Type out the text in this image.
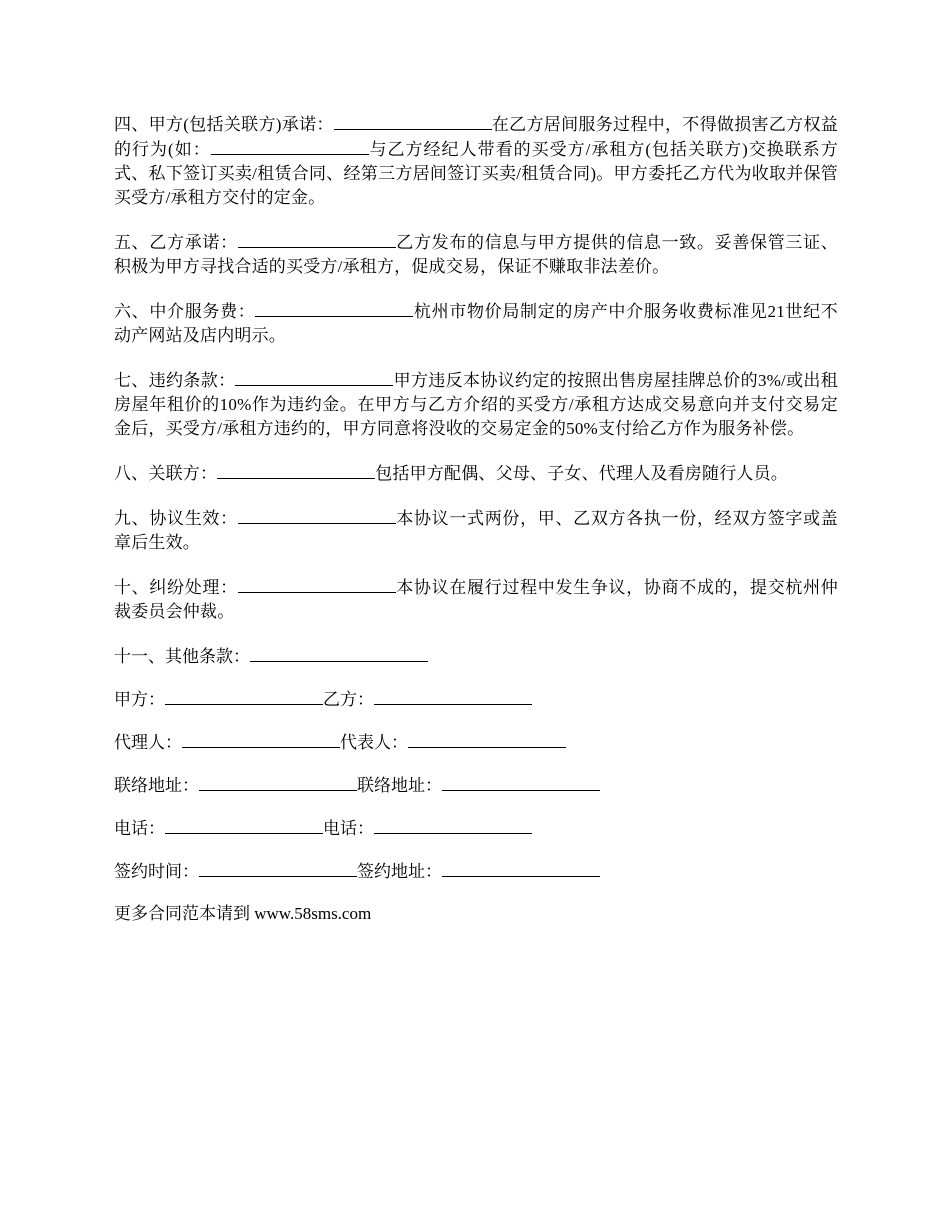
四、甲方(包括关联方)承诺：	在乙方居间服务过程中，不得做损害乙方权益的行为(如：	与乙方经纪人带看的买受方/承租方(包括关联方)交换联系方式、私下签订买卖/租赁合同、经第三方居间签订买卖/租赁合同)。甲方委托乙方代为收取并保管买受方/承租方交付的定金。

五、乙方承诺：	乙方发布的信息与甲方提供的信息一致。妥善保管三证、积极为甲方寻找合适的买受方/承租方，促成交易，保证不赚取非法差价。

六、中介服务费：	杭州市物价局制定的房产中介服务收费标准见21世纪不动产网站及店内明示。

七、违约条款：	甲方违反本协议约定的按照出售房屋挂牌总价的3%/或出租房屋年租价的10%作为违约金。在甲方与乙方介绍的买受方/承租方达成交易意向并支付交易定金后，买受方/承租方违约的，甲方同意将没收的交易定金的50%支付给乙方作为服务补偿。

八、关联方：	包括甲方配偶、父母、子女、代理人及看房随行人员。

九、协议生效：	本协议一式两份，甲、乙双方各执一份，经双方签字或盖章后生效。

十、纠纷处理：	本协议在履行过程中发生争议，协商不成的，提交杭州仲裁委员会仲裁。

十一、其他条款：
甲方：	乙方：
代理人：	代表人：
联络地址：	联络地址：
电话：	电话：
签约时间：	签约地址：
更多合同范本请到 www.58sms.com
